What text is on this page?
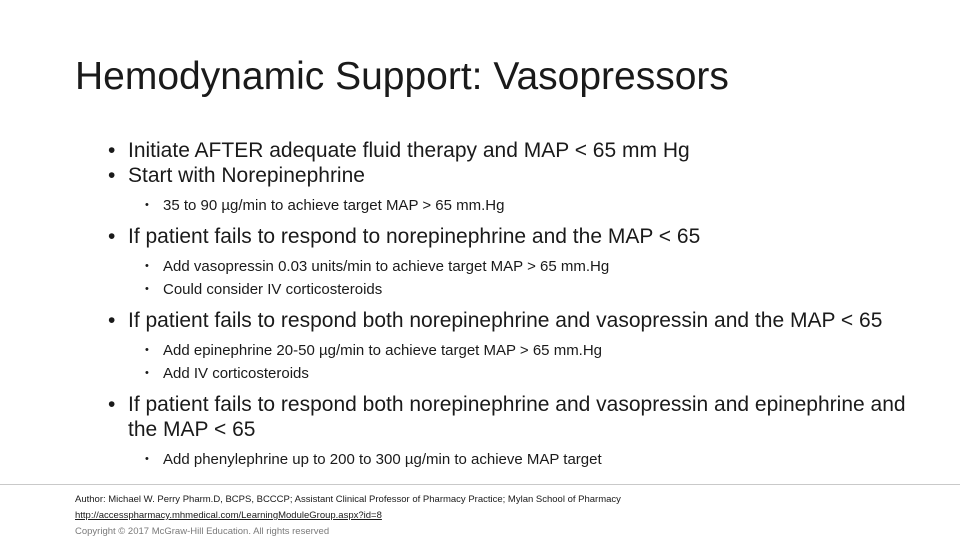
Hemodynamic Support: Vasopressors
• Initiate AFTER adequate fluid therapy and MAP < 65 mm Hg
• Start with Norepinephrine
• 35 to 90 µg/min to achieve target MAP > 65 mm.Hg
• If patient fails to respond to norepinephrine and the MAP < 65
• Add vasopressin 0.03 units/min to achieve target MAP > 65 mm.Hg
• Could consider IV corticosteroids
• If patient fails to respond both norepinephrine and vasopressin and the MAP < 65
• Add epinephrine 20-50 µg/min to achieve target MAP > 65 mm.Hg
• Add IV corticosteroids
• If patient fails to respond both norepinephrine and vasopressin and epinephrine and the MAP < 65
• Add phenylephrine up to 200 to 300 µg/min to achieve MAP target
Author: Michael W. Perry Pharm.D, BCPS, BCCCP; Assistant Clinical Professor of Pharmacy Practice; Mylan School of Pharmacy
http://accesspharmacy.mhmedical.com/LearningModuleGroup.aspx?id=8
Copyright © 2017 McGraw-Hill Education. All rights reserved
